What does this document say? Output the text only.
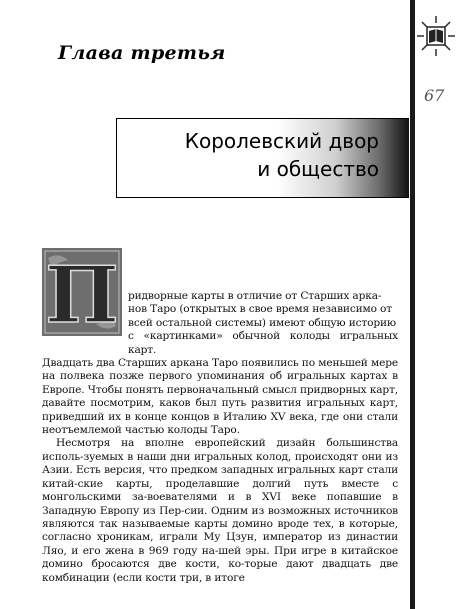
67
Глава третья
Королевский двор
и общество
П ридворные карты в отличие от Старших арка-

нов Таро (открытых в свое время независимо от

всей остальной системы) имеют общую историю

с «картинками» обычной колоды игральных карт.

Двадцать два Старших аркана Таро появились по меньшей мере на полвека позже первого упоминания об игральных картах в Европе. Чтобы понять первоначальный смысл придворных карт, давайте посмотрим, каков был путь развития игральных карт, приведший их в конце концов в Италию XV века, где они стали неотъемлемой частью колоды Таро.

Несмотря на вполне европейский дизайн большинства исполь-зуемых в наши дни игральных колод, происходят они из Азии. Есть версия, что предком западных игральных карт стали китай-ские карты, проделавшие долгий путь вместе с монгольскими за-воевателями и в XVI веке попавшие в Западную Европу из Пер-сии. Одним из возможных источников являются так называемые карты домино вроде тех, в которые, согласно хроникам, играли Му Цзун, император из династии Ляо, и его жена в 969 году на-шей эры. При игре в китайское домино бросаются две кости, ко-торые дают двадцать две комбинации (если кости три, в итоге
